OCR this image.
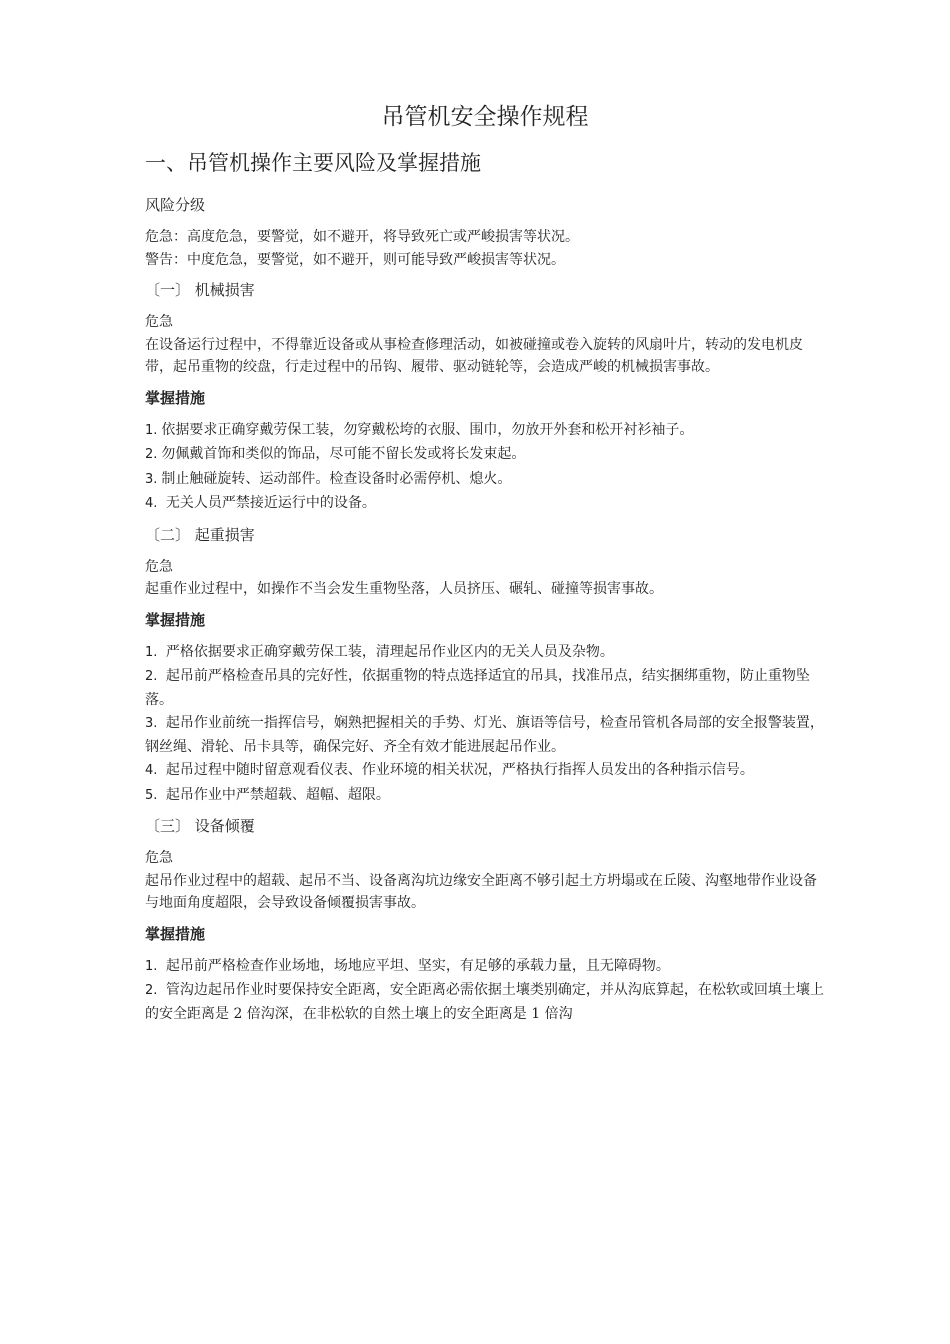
吊管机安全操作规程
一、吊管机操作主要风险及掌握措施
风险分级

危急：高度危急，要警觉，如不避开，将导致死亡或严峻损害等状况。

警告：中度危急，要警觉，如不避开，则可能导致严峻损害等状况。

〔一〕 机械损害

危急

在设备运行过程中，不得靠近设备或从事检查修理活动，如被碰撞或卷入旋转的风扇叶片，转动的发电机皮带，起吊重物的绞盘，行走过程中的吊钩、履带、驱动链轮等，会造成严峻的机械损害事故。

掌握措施
1. 依据要求正确穿戴劳保工装，勿穿戴松垮的衣服、围巾，勿放开外套和松开衬衫袖子。
2. 勿佩戴首饰和类似的饰品，尽可能不留长发或将长发束起。
3. 制止触碰旋转、运动部件。检查设备时必需停机、熄火。
4. 无关人员严禁接近运行中的设备。
〔二〕 起重损害

危急

起重作业过程中，如操作不当会发生重物坠落，人员挤压、碾轧、碰撞等损害事故。

掌握措施
1. 严格依据要求正确穿戴劳保工装，清理起吊作业区内的无关人员及杂物。
2. 起吊前严格检查吊具的完好性，依据重物的特点选择适宜的吊具，找准吊点，结实捆绑重物，防止重物坠落。
3. 起吊作业前统一指挥信号，娴熟把握相关的手势、灯光、旗语等信号，检查吊管机各局部的安全报警装置，钢丝绳、滑轮、吊卡具等，确保完好、齐全有效才能进展起吊作业。
4. 起吊过程中随时留意观看仪表、作业环境的相关状况，严格执行指挥人员发出的各种指示信号。
5. 起吊作业中严禁超载、超幅、超限。
〔三〕 设备倾覆

危急

起吊作业过程中的超载、起吊不当、设备离沟坑边缘安全距离不够引起土方坍塌或在丘陵、沟壑地带作业设备与地面角度超限，会导致设备倾覆损害事故。

掌握措施
1. 起吊前严格检查作业场地，场地应平坦、坚实，有足够的承载力量，且无障碍物。
2. 管沟边起吊作业时要保持安全距离，安全距离必需依据土壤类别确定，并从沟底算起，在松软或回填土壤上的安全距离是 2 倍沟深，在非松软的自然土壤上的安全距离是 1 倍沟
